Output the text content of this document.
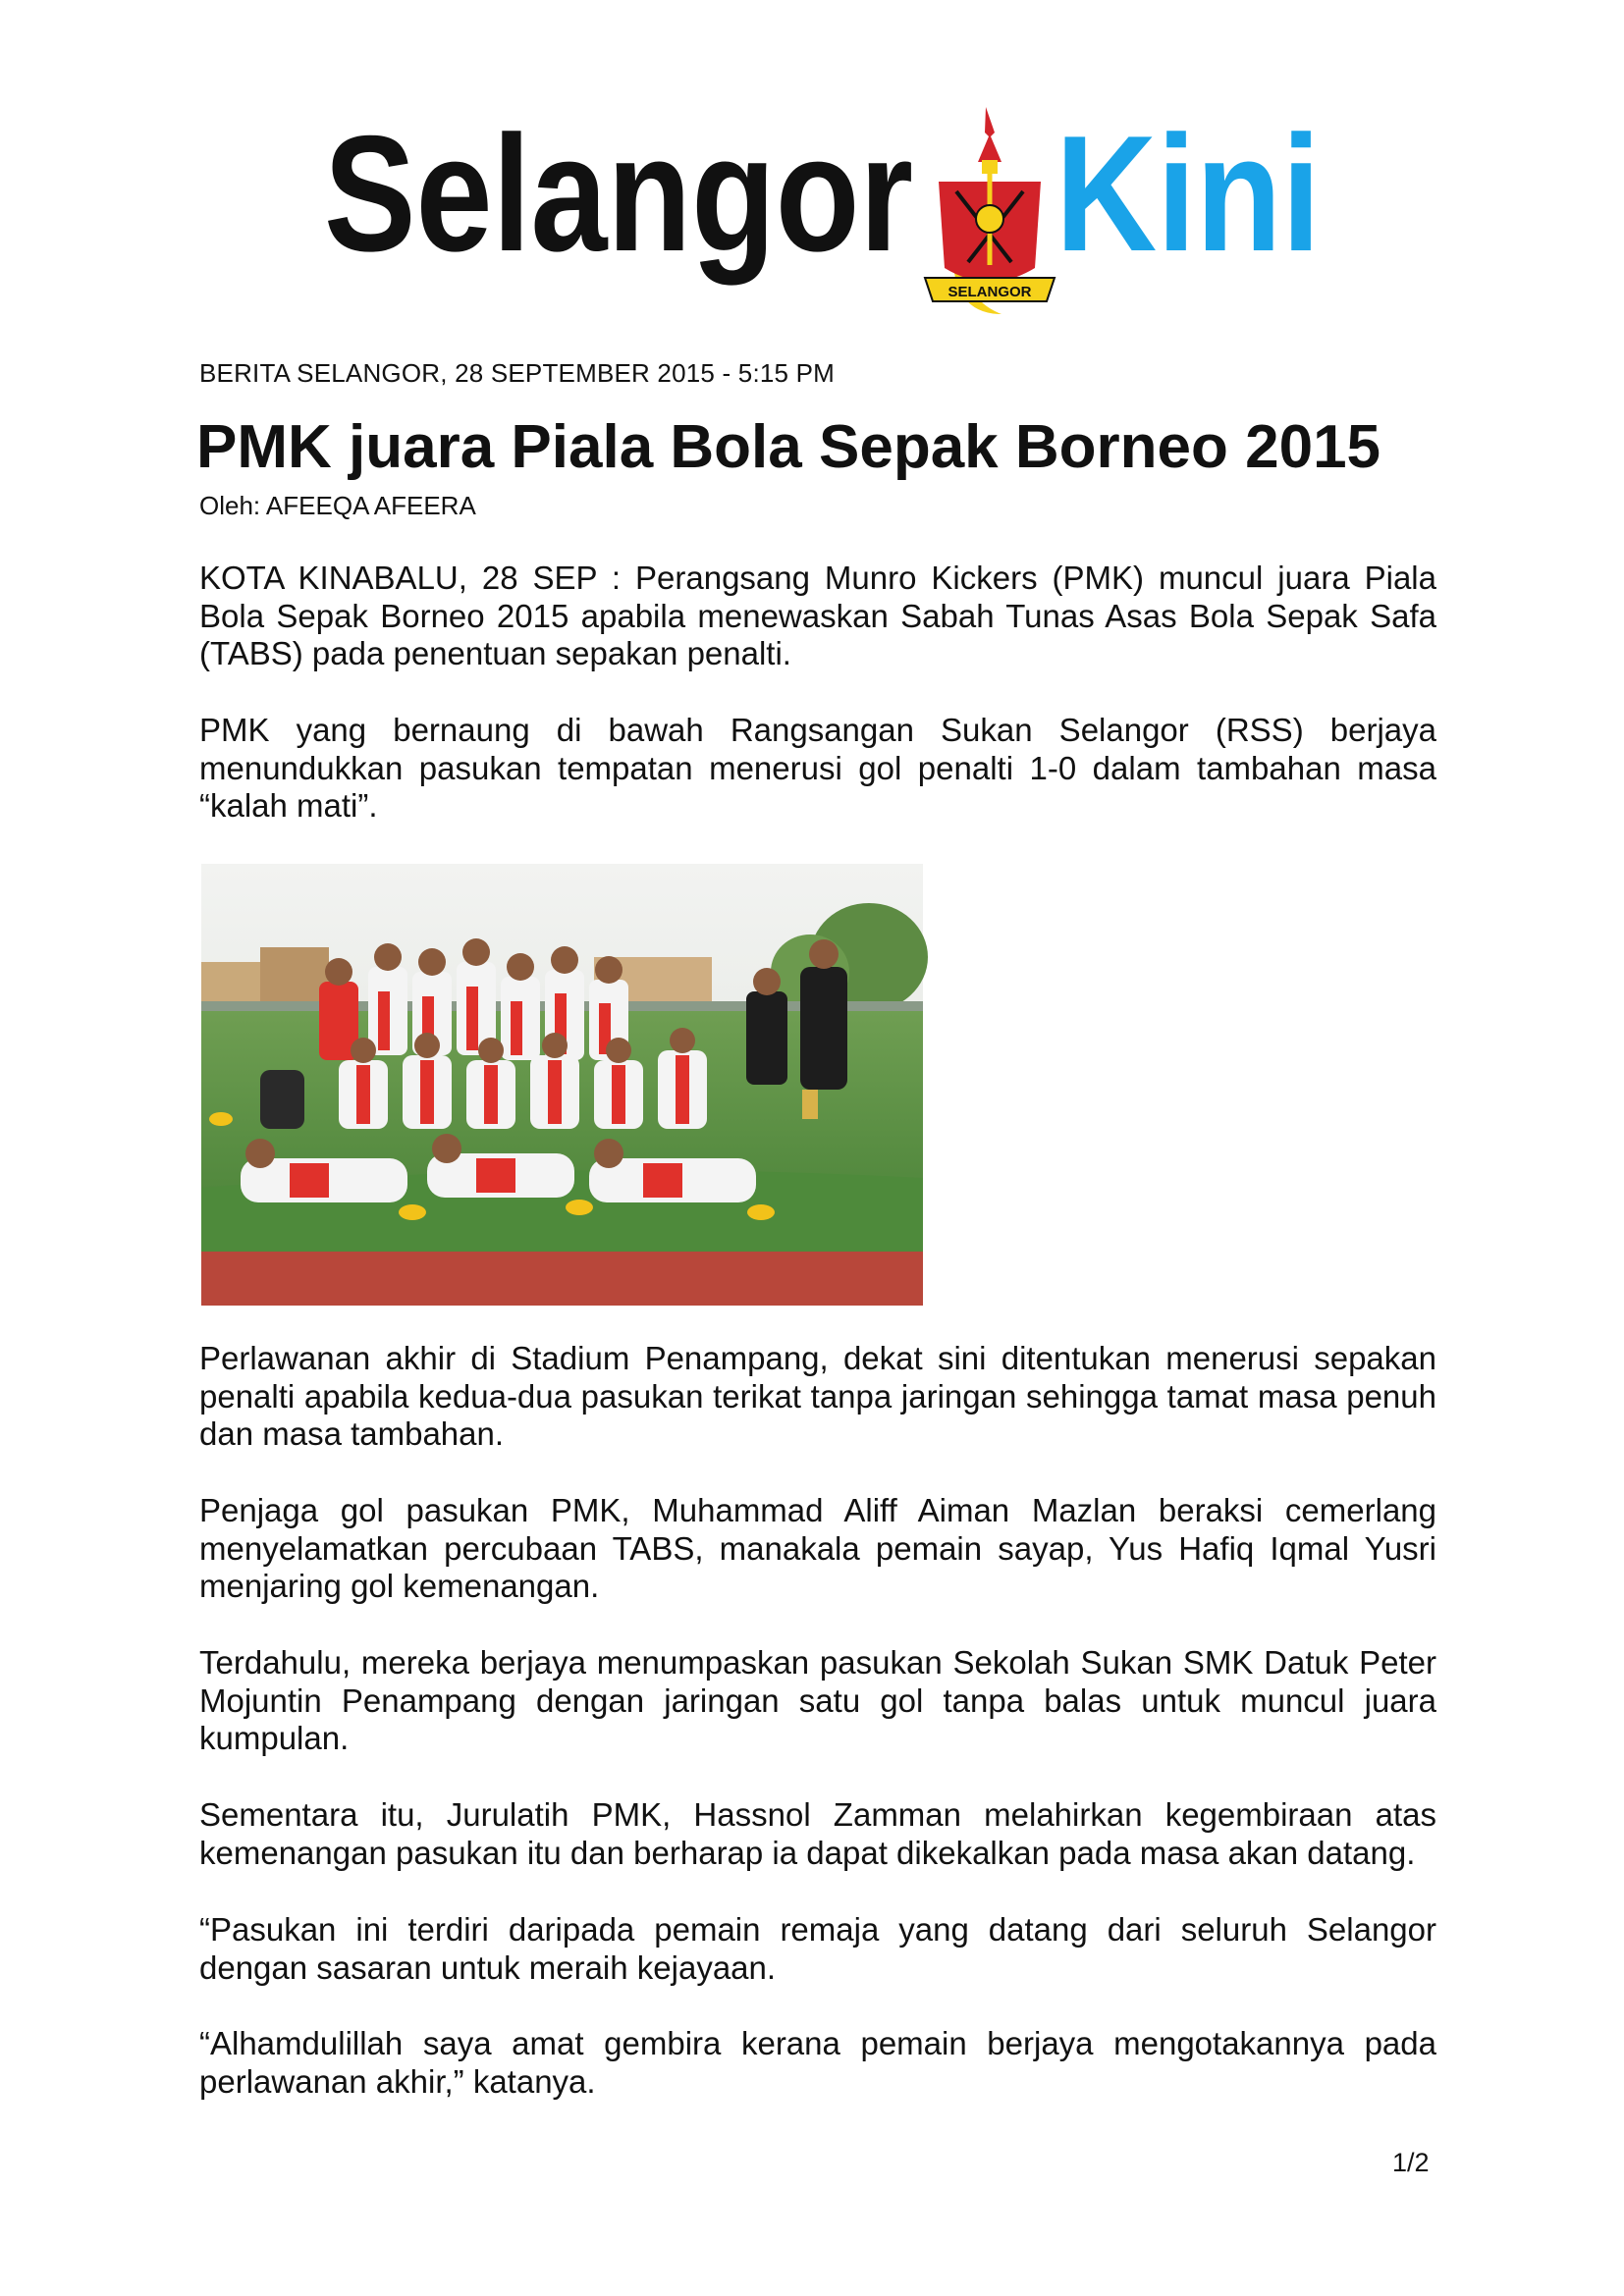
Selangor
SELANGOR
Kini
BERITA SELANGOR, 28 SEPTEMBER 2015 - 5:15 PM
PMK juara Piala Bola Sepak Borneo 2015
Oleh: AFEEQA AFEERA

KOTA KINABALU, 28 SEP : Perangsang Munro Kickers (PMK) muncul juara Piala Bola Sepak Borneo 2015 apabila menewaskan Sabah Tunas Asas Bola Sepak Safa (TABS) pada penentuan sepakan penalti.

PMK yang bernaung di bawah Rangsangan Sukan Selangor (RSS) berjaya menundukkan pasukan tempatan menerusi gol penalti 1-0 dalam tambahan masa “kalah mati”.

Perlawanan akhir di Stadium Penampang, dekat sini ditentukan menerusi sepakan penalti apabila kedua-dua pasukan terikat tanpa jaringan sehingga tamat masa penuh dan masa tambahan.

Penjaga gol pasukan PMK, Muhammad Aliff Aiman Mazlan beraksi cemerlang menyelamatkan percubaan TABS, manakala pemain sayap, Yus Hafiq Iqmal Yusri menjaring gol kemenangan.

Terdahulu, mereka berjaya menumpaskan pasukan Sekolah Sukan SMK Datuk Peter Mojuntin Penampang dengan jaringan satu gol tanpa balas untuk muncul juara kumpulan.

Sementara itu, Jurulatih PMK, Hassnol Zamman melahirkan kegembiraan atas kemenangan pasukan itu dan berharap ia dapat dikekalkan pada masa akan datang.

“Pasukan ini terdiri daripada pemain remaja yang datang dari seluruh Selangor dengan sasaran untuk meraih kejayaan.

“Alhamdulillah saya amat gembira kerana pemain berjaya mengotakannya pada perlawanan akhir,” katanya.

1/2
